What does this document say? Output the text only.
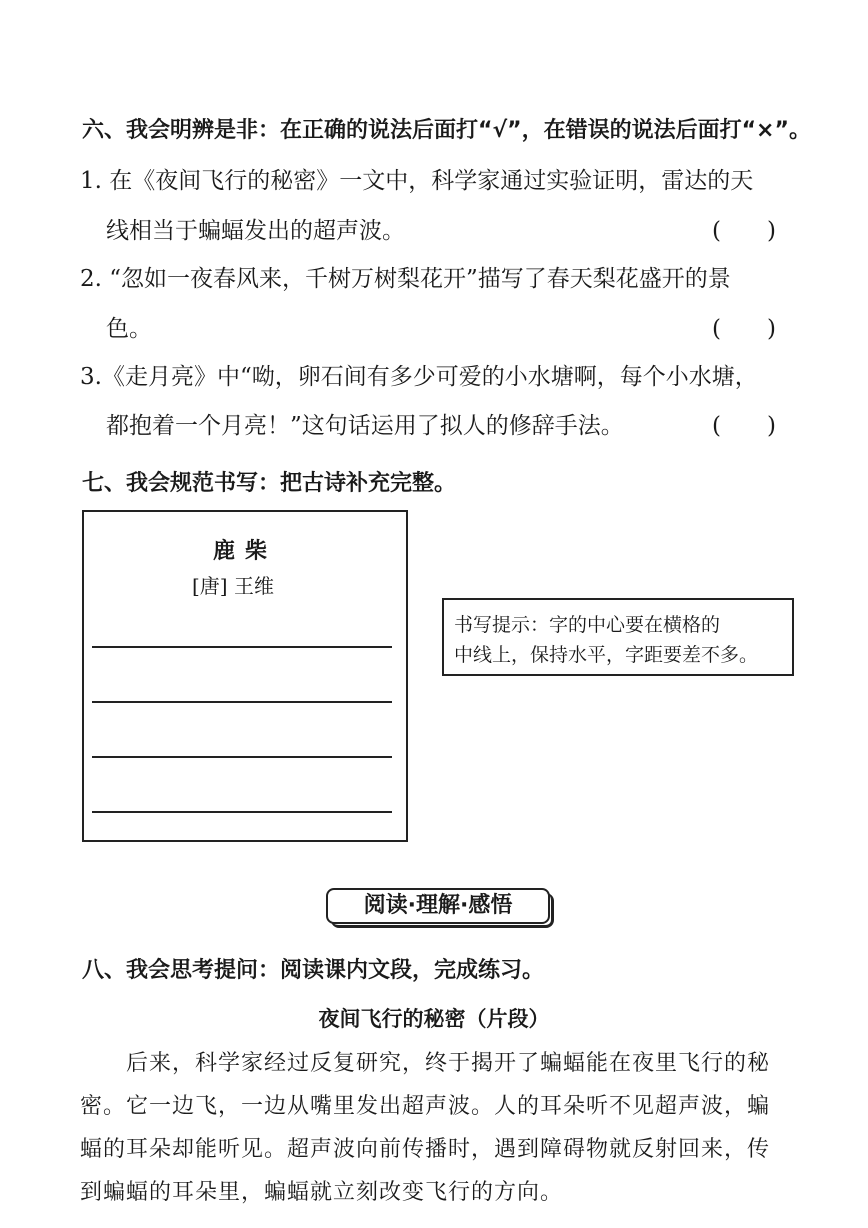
六、我会明辨是非：在正确的说法后面打“√”，在错误的说法后面打“×”。
1. 在《夜间飞行的秘密》一文中，科学家通过实验证明，雷达的天
线相当于蝙蝠发出的超声波。	(　　)
2. “忽如一夜春风来，千树万树梨花开”描写了春天梨花盛开的景
色。	(　　)
3.《走月亮》中“呦，卵石间有多少可爱的小水塘啊，每个小水塘，
都抱着一个月亮！”这句话运用了拟人的修辞手法。	(　　)
七、我会规范书写：把古诗补充完整。
鹿柴
[唐] 王维
书写提示：字的中心要在横格的
中线上，保持水平，字距要差不多。
阅读·理解·感悟
八、我会思考提问：阅读课内文段，完成练习。
夜间飞行的秘密（片段）
　　后来，科学家经过反复研究，终于揭开了蝙蝠能在夜里飞行的秘
密。它一边飞，一边从嘴里发出超声波。人的耳朵听不见超声波，蝙
蝠的耳朵却能听见。超声波向前传播时，遇到障碍物就反射回来，传
到蝙蝠的耳朵里，蝙蝠就立刻改变飞行的方向。
